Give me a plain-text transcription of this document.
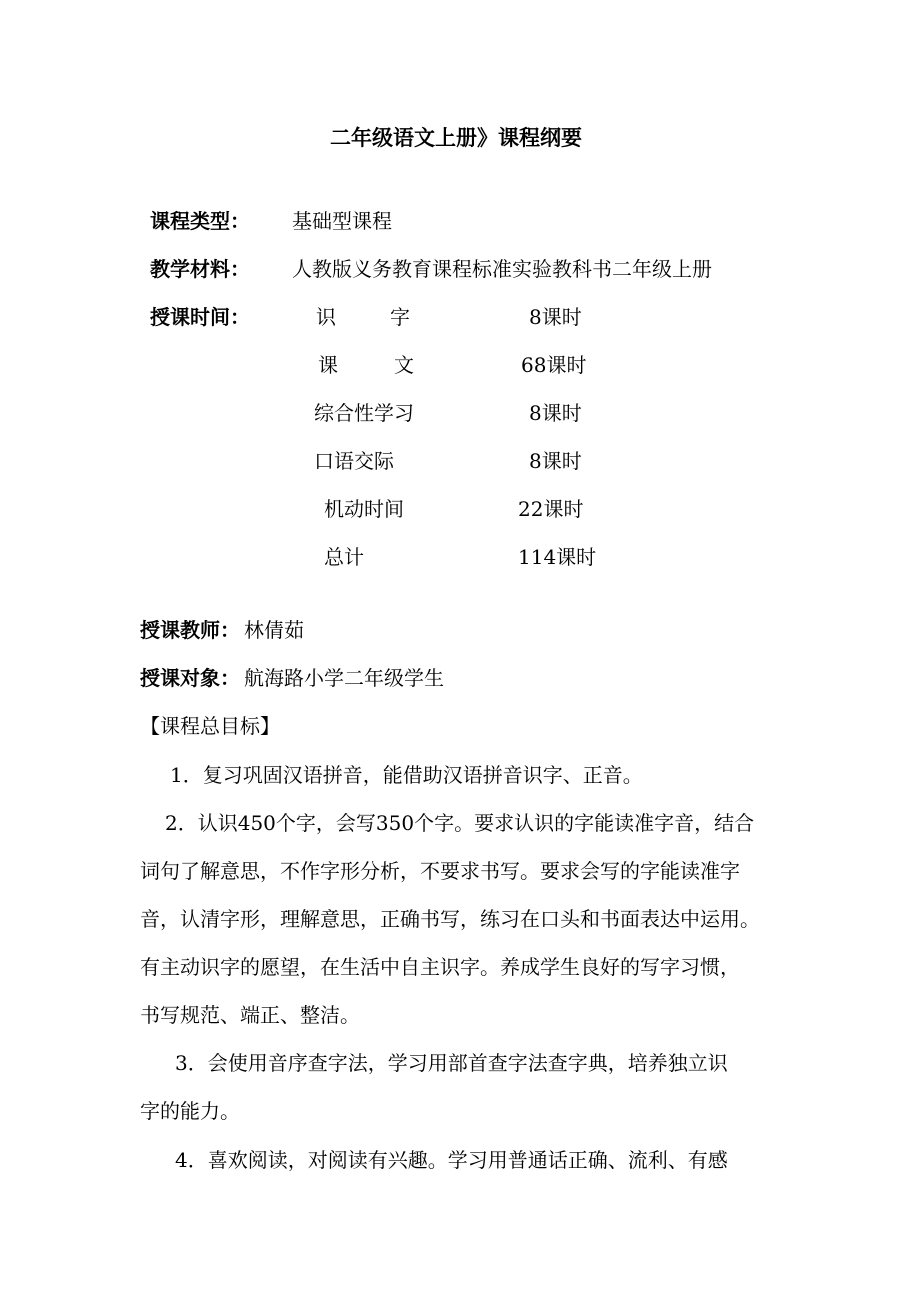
二年级语文上册》课程纲要
课程类型： 基础型课程
教学材料： 人教版义务教育课程标准实验教科书二年级上册
授课时间：	识	字	8课时
课	文	68课时
综合性学习	8课时
口语交际	8课时
机动时间	22课时
总计	114课时
授课教师： 林倩茹
授课对象： 航海路小学二年级学生
【课程总目标】
1．复习巩固汉语拼音，能借助汉语拼音识字、正音。
2．认识450个字，会写350个字。要求认识的字能读准字音，结合
词句了解意思，不作字形分析，不要求书写。要求会写的字能读准字
音，认清字形，理解意思，正确书写，练习在口头和书面表达中运用。
有主动识字的愿望，在生活中自主识字。养成学生良好的写字习惯，
书写规范、端正、整洁。
3．会使用音序查字法，学习用部首查字法查字典，培养独立识
字的能力。
4．喜欢阅读，对阅读有兴趣。学习用普通话正确、流利、有感
